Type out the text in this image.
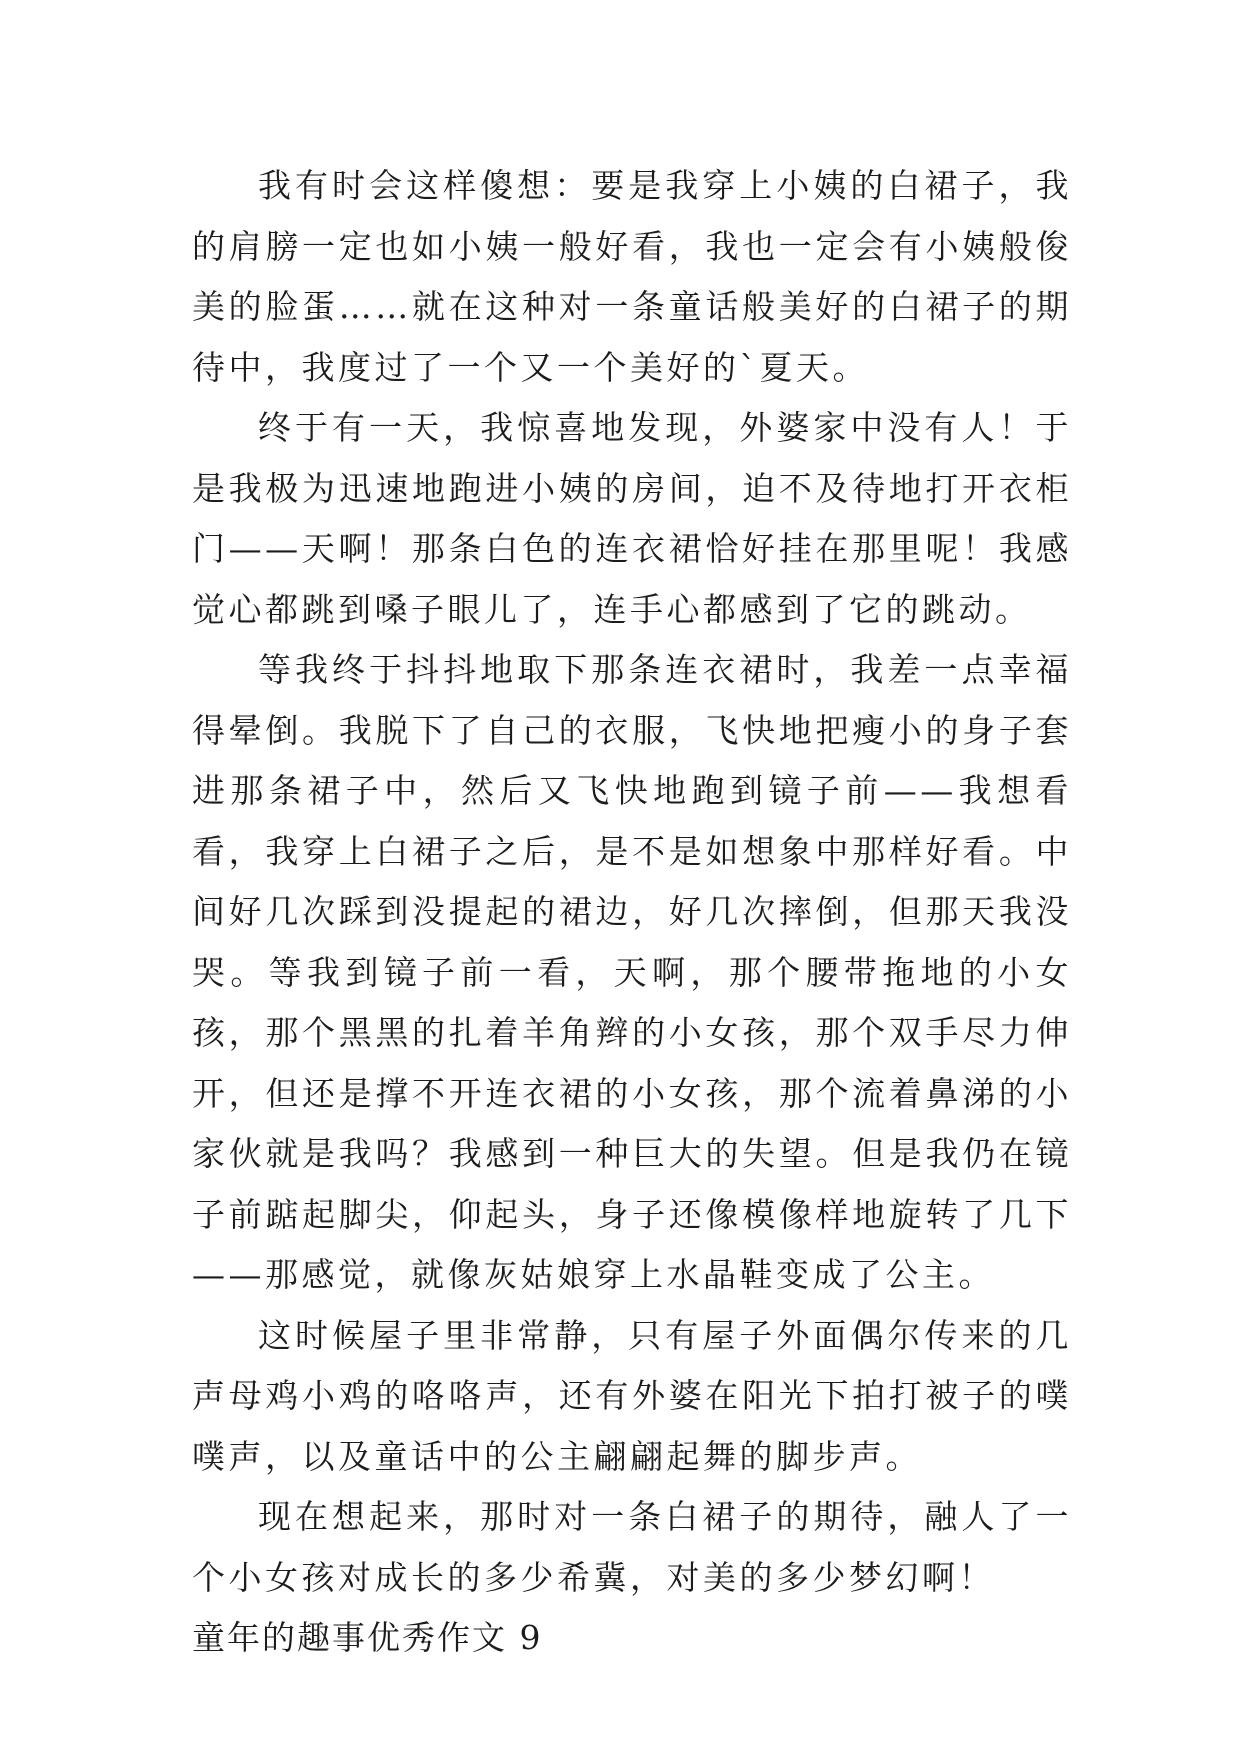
我有时会这样傻想：要是我穿上小姨的白裙子，我的肩膀一定也如小姨一般好看，我也一定会有小姨般俊美的脸蛋……就在这种对一条童话般美好的白裙子的期待中，我度过了一个又一个美好的`夏天。

终于有一天，我惊喜地发现，外婆家中没有人！于是我极为迅速地跑进小姨的房间，迫不及待地打开衣柜门——天啊！那条白色的连衣裙恰好挂在那里呢！我感觉心都跳到嗓子眼儿了，连手心都感到了它的跳动。

等我终于抖抖地取下那条连衣裙时，我差一点幸福得晕倒。我脱下了自己的衣服，飞快地把瘦小的身子套进那条裙子中，然后又飞快地跑到镜子前——我想看看，我穿上白裙子之后，是不是如想象中那样好看。中间好几次踩到没提起的裙边，好几次摔倒，但那天我没哭。等我到镜子前一看，天啊，那个腰带拖地的小女孩，那个黑黑的扎着羊角辫的小女孩，那个双手尽力伸开，但还是撑不开连衣裙的小女孩，那个流着鼻涕的小家伙就是我吗？我感到一种巨大的失望。但是我仍在镜子前踮起脚尖，仰起头，身子还像模像样地旋转了几下——那感觉，就像灰姑娘穿上水晶鞋变成了公主。

这时候屋子里非常静，只有屋子外面偶尔传来的几声母鸡小鸡的咯咯声，还有外婆在阳光下拍打被子的噗噗声，以及童话中的公主翩翩起舞的脚步声。

现在想起来，那时对一条白裙子的期待，融人了一个小女孩对成长的多少希冀，对美的多少梦幻啊！

童年的趣事优秀作文 9
